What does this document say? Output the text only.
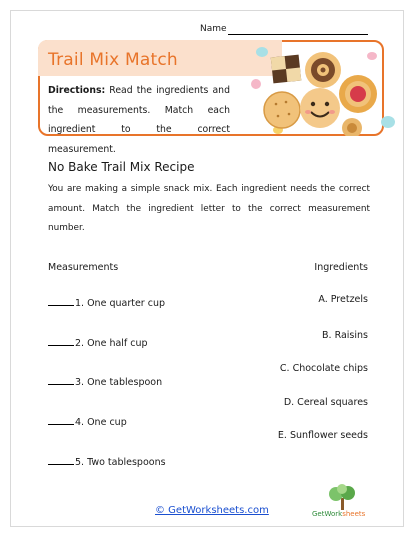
Name
Trail Mix Match
Directions: Read the ingredients and the measurements. Match each ingredient to the correct measurement.
No Bake Trail Mix Recipe
You are making a simple snack mix. Each ingredient needs the correct amount. Match the ingredient letter to the correct measurement number.
Measurements	Ingredients
1. One quarter cup
2. One half cup
3. One tablespoon
4. One cup
5. Two tablespoons
A. Pretzels
B. Raisins
C. Chocolate chips
D. Cereal squares
E. Sunflower seeds
© GetWorksheets.com	GetWorksheets
